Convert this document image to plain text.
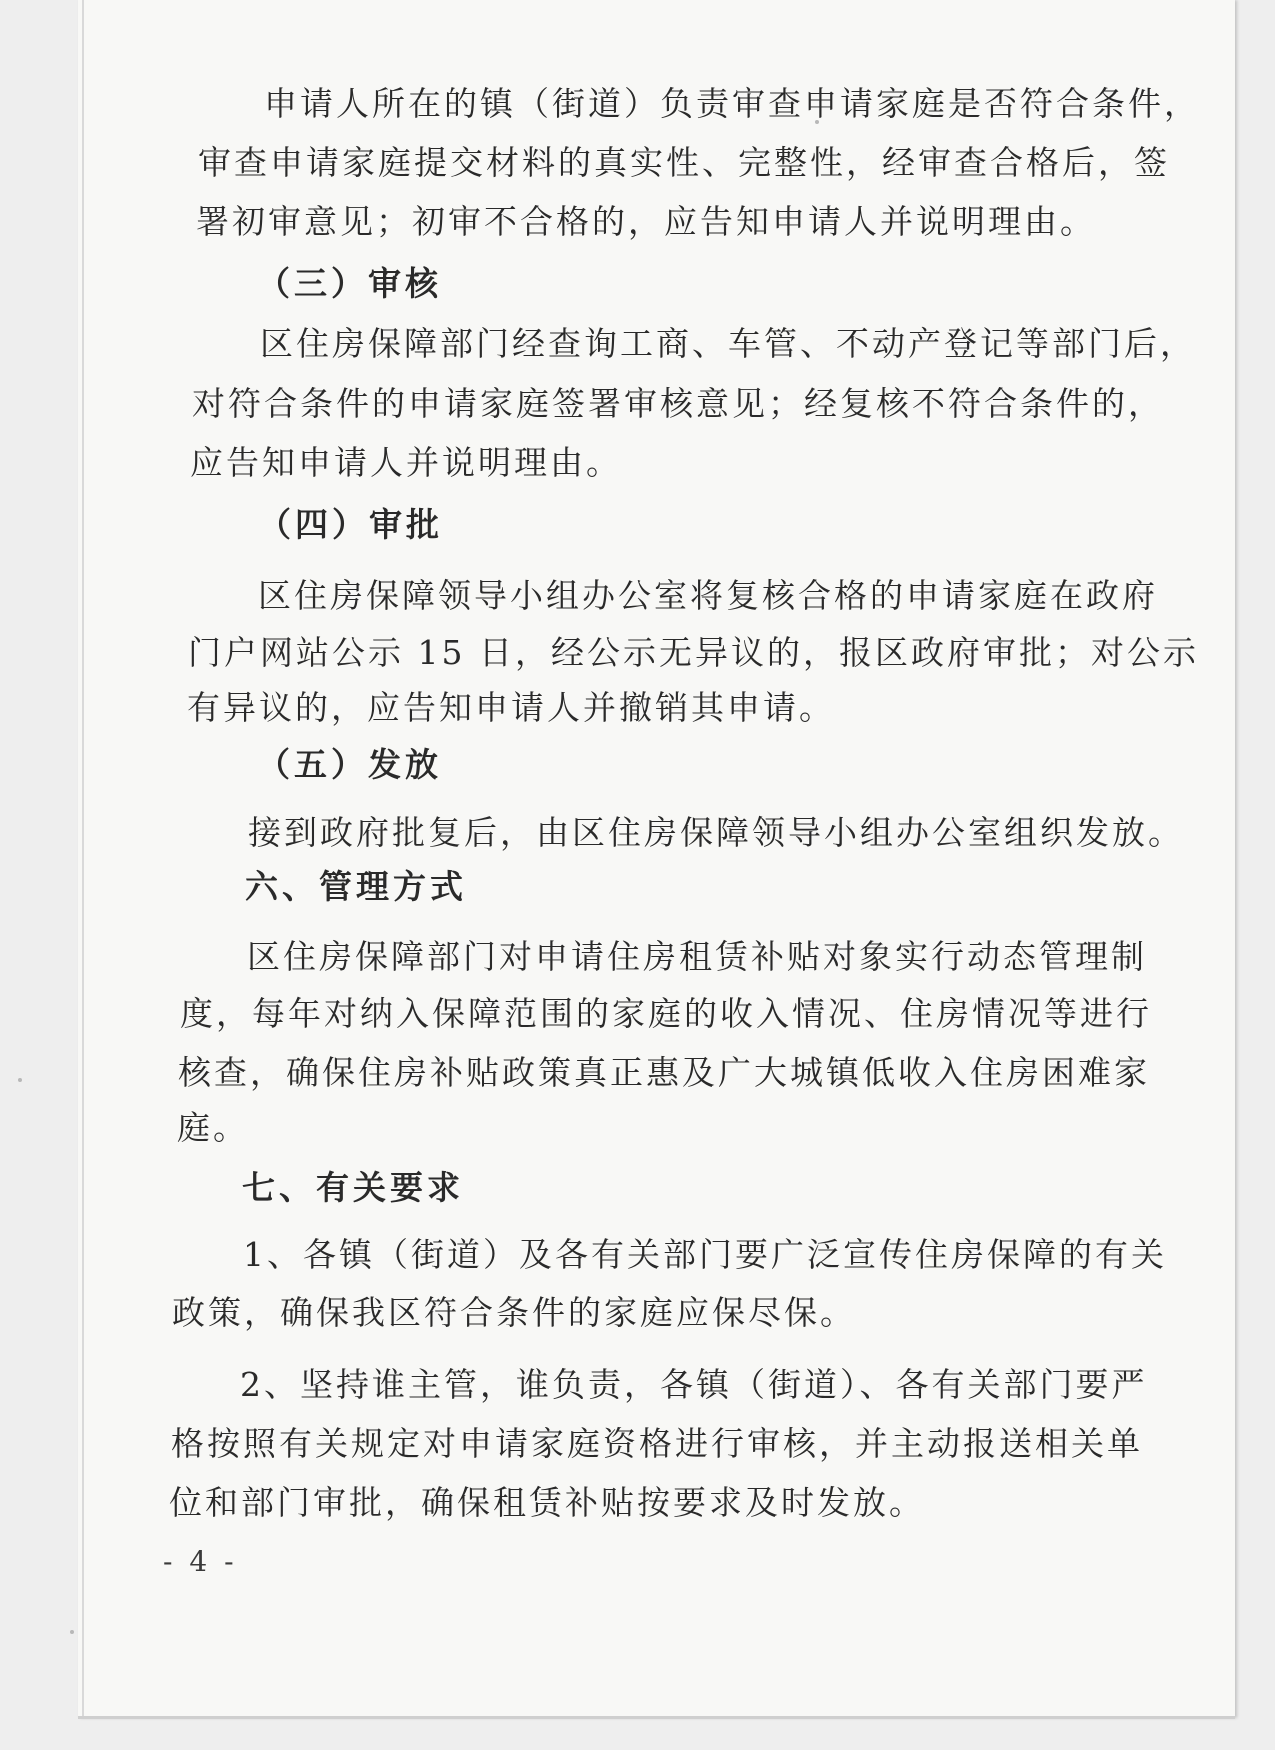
申请人所在的镇（街道）负责审查申请家庭是否符合条件，
审查申请家庭提交材料的真实性、完整性，经审查合格后，签
署初审意见；初审不合格的，应告知申请人并说明理由。
（三）审核
区住房保障部门经查询工商、车管、不动产登记等部门后，
对符合条件的申请家庭签署审核意见；经复核不符合条件的，
应告知申请人并说明理由。
（四）审批
区住房保障领导小组办公室将复核合格的申请家庭在政府
门户网站公示 15 日，经公示无异议的，报区政府审批；对公示
有异议的，应告知申请人并撤销其申请。
（五）发放
接到政府批复后，由区住房保障领导小组办公室组织发放。
六、管理方式
区住房保障部门对申请住房租赁补贴对象实行动态管理制
度，每年对纳入保障范围的家庭的收入情况、住房情况等进行
核查，确保住房补贴政策真正惠及广大城镇低收入住房困难家
庭。
七、有关要求
1、各镇（街道）及各有关部门要广泛宣传住房保障的有关
政策，确保我区符合条件的家庭应保尽保。
2、坚持谁主管，谁负责，各镇（街道）、各有关部门要严
格按照有关规定对申请家庭资格进行审核，并主动报送相关单
位和部门审批，确保租赁补贴按要求及时发放。
- 4 -
